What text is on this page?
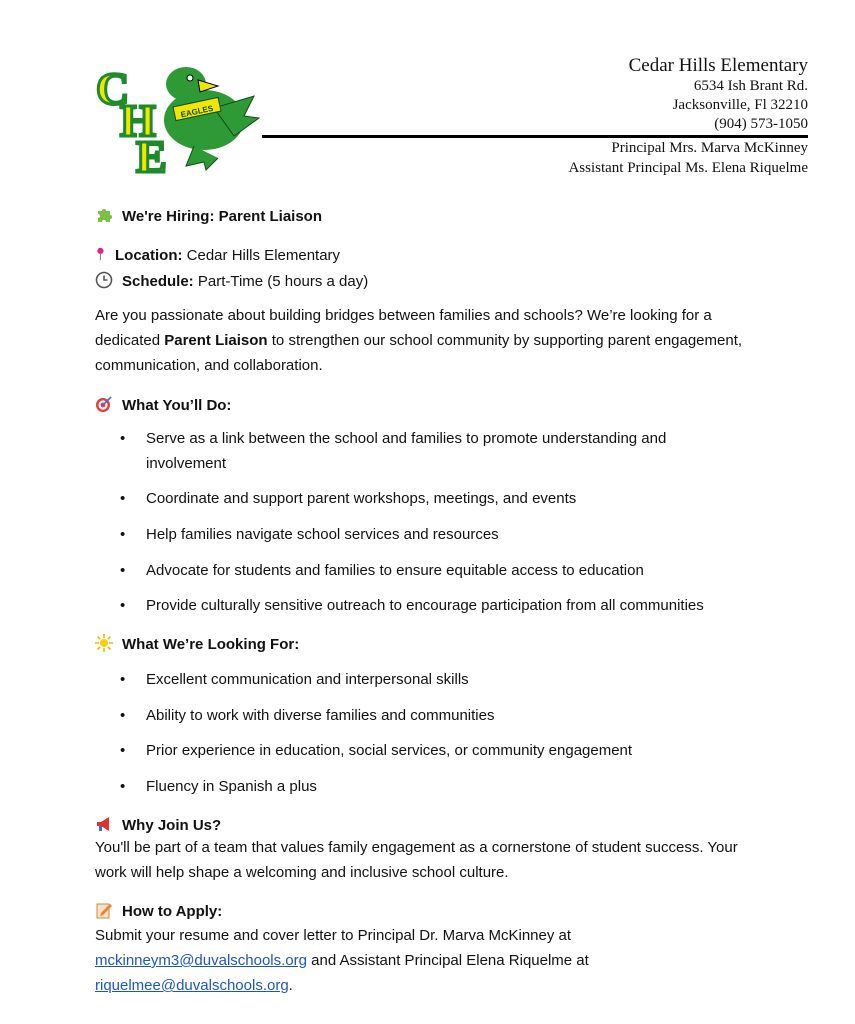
EAGLES
C
H
E
Cedar Hills Elementary
6534 Ish Brant Rd.
Jacksonville, Fl 32210
(904) 573-1050
Principal Mrs. Marva McKinney
Assistant Principal Ms. Elena Riquelme
We're Hiring: Parent Liaison
Location: Cedar Hills Elementary
Schedule: Part-Time (5 hours a day)
Are you passionate about building bridges between families and schools? We’re looking for a dedicated Parent Liaison to strengthen our school community by supporting parent engagement, communication, and collaboration.
What You’ll Do:
• Serve as a link between the school and families to promote understanding and involvement
• Coordinate and support parent workshops, meetings, and events
• Help families navigate school services and resources
• Advocate for students and families to ensure equitable access to education
• Provide culturally sensitive outreach to encourage participation from all communities
What We’re Looking For:
• Excellent communication and interpersonal skills
• Ability to work with diverse families and communities
• Prior experience in education, social services, or community engagement
• Fluency in Spanish a plus
Why Join Us?
You'll be part of a team that values family engagement as a cornerstone of student success. Your work will help shape a welcoming and inclusive school culture.
How to Apply:
Submit your resume and cover letter to Principal Dr. Marva McKinney at
mckinneym3@duvalschools.org and Assistant Principal Elena Riquelme at
riquelmee@duvalschools.org.
